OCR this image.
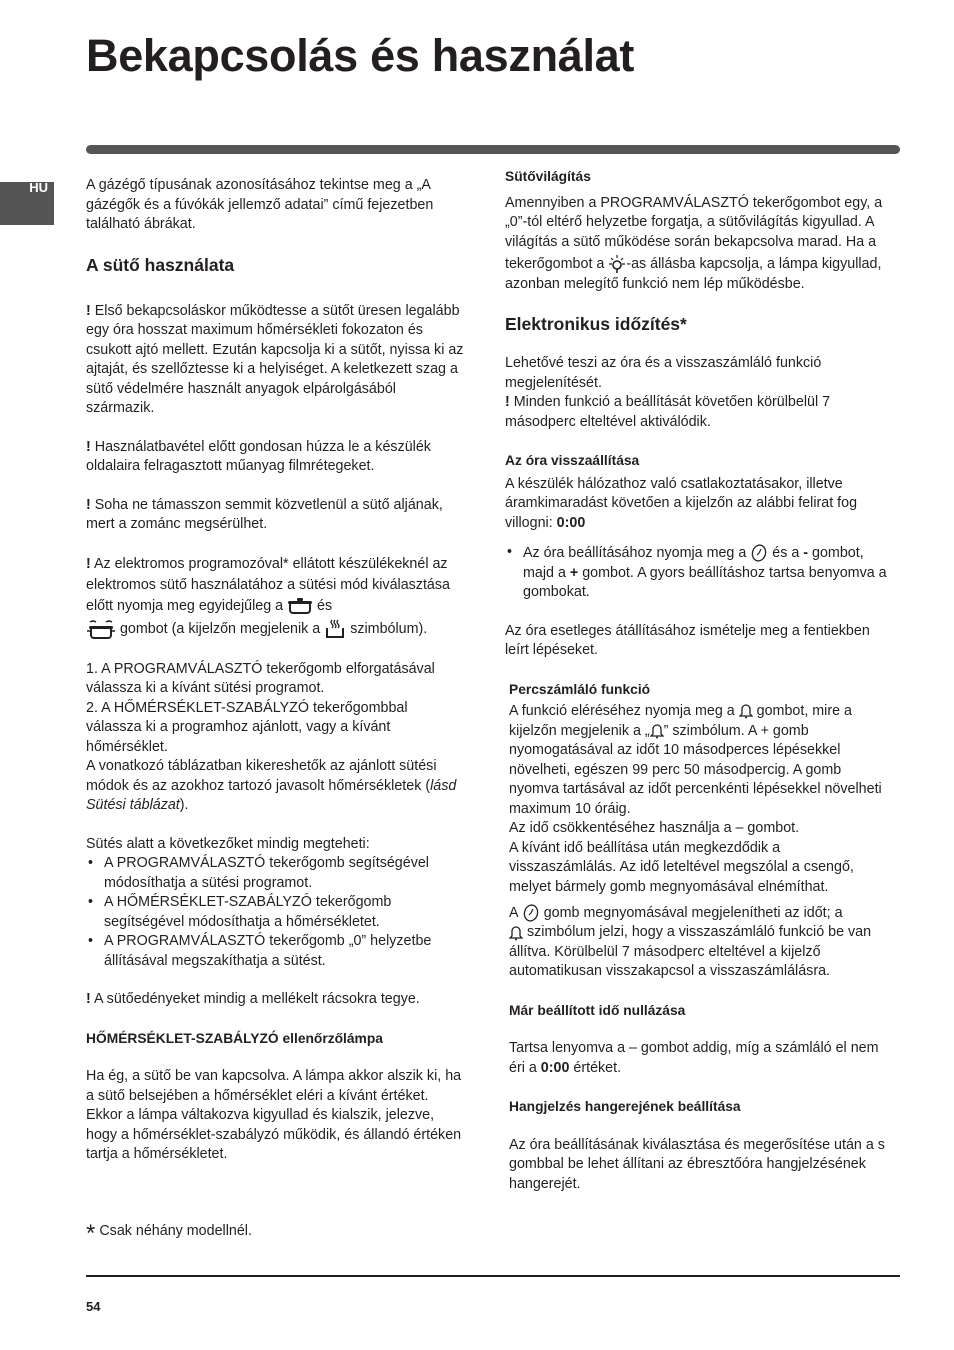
Bekapcsolás és használat
HU	A gázégő típusának azonosításához tekintse meg a „A gázégők és a fúvókák jellemző adatai” című fejezetben található ábrákat.

A sütő használata

! Első bekapcsoláskor működtesse a sütőt üresen legalább egy óra hosszat maximum hőmérsékleti fokozaton és csukott ajtó mellett. Ezután kapcsolja ki a sütőt, nyissa ki az ajtaját, és szellőztesse ki a helyiséget. A keletkezett szag a sütő védelmére használt anyagok elpárolgásából származik.

! Használatbavétel előtt gondosan húzza le a készülék oldalaira felragasztott műanyag filmrétegeket.

! Soha ne támasszon semmit közvetlenül a sütő aljának, mert a zománc megsérülhet.

! Az elektromos programozóval* ellátott készülékeknél az elektromos sütő használatához a sütési mód kiválasztása előtt nyomja meg egyidejűleg a  és
gombot (a kijelzőn megjelenik a  szimbólum).

1. A PROGRAMVÁLASZTÓ tekerőgomb elforgatásával válassza ki a kívánt sütési programot.

2. A HŐMÉRSÉKLET-SZABÁLYZÓ tekerőgombbal válassza ki a programhoz ajánlott, vagy a kívánt hőmérséklet.

A vonatkozó táblázatban kikereshetők az ajánlott sütési módok és az azokhoz tartozó javasolt hőmérsékletek (lásd Sütési táblázat).

Sütés alatt a következőket mindig megteheti:

• A PROGRAMVÁLASZTÓ tekerőgomb segítségével módosíthatja a sütési programot.
• A HŐMÉRSÉKLET-SZABÁLYZÓ tekerőgomb segítségével módosíthatja a hőmérsékletet.
• A PROGRAMVÁLASZTÓ tekerőgomb „0” helyzetbe állításával megszakíthatja a sütést.

! A sütőedényeket mindig a mellékelt rácsokra tegye.

HŐMÉRSÉKLET-SZABÁLYZÓ ellenőrzőlámpa

Ha ég, a sütő be van kapcsolva. A lámpa akkor alszik ki, ha a sütő belsejében a hőmérséklet eléri a kívánt értéket. Ekkor a lámpa váltakozva kigyullad és kialszik, jelezve, hogy a hőmérséklet-szabályzó működik, és állandó értéken tartja a hőmérsékletet.

Sütővilágítás

Amennyiben a PROGRAMVÁLASZTÓ tekerőgombot egy, a „0”-tól eltérő helyzetbe forgatja, a sütővilágítás kigyullad. A világítás a sütő működése során bekapcsolva marad. Ha a tekerőgombot a -as állásba kapcsolja, a lámpa kigyullad, azonban melegítő funkció nem lép működésbe.

Elektronikus időzítés*

Lehetővé teszi az óra és a visszaszámláló funkció megjelenítését.

! Minden funkció a beállítását követően körülbelül 7 másodperc elteltével aktiválódik.

Az óra visszaállítása

A készülék hálózathoz való csatlakoztatásakor, illetve áramkimaradást követően a kijelzőn az alábbi felirat fog villogni: 0:00

• Az óra beállításához nyomja meg a  és a - gombot, majd a + gombot. A gyors beállításhoz tartsa benyomva a gombokat.

Az óra esetleges átállításához ismételje meg a fentiekben leírt lépéseket.

Percszámláló funkció

A funkció eléréséhez nyomja meg a  gombot, mire a kijelzőn megjelenik a „ ” szimbólum. A + gomb nyomogatásával az időt 10 másodperces lépésekkel növelheti, egészen 99 perc 50 másodpercig. A gomb nyomva tartásával az időt percenkénti lépésekkel növelheti maximum 10 óráig.

Az idő csökkentéséhez használja a – gombot.

A kívánt idő beállítása után megkezdődik a visszaszámlálás. Az idő leteltével megszólal a csengő, melyet bármely gomb megnyomásával elnémíthat.

A  gomb megnyomásával megjelenítheti az időt; a
szimbólum jelzi, hogy a visszaszámláló funkció be van állítva. Körülbelül 7 másodperc elteltével a kijelző automatikusan visszakapcsol a visszaszámlálásra.

Már beállított idő nullázása

Tartsa lenyomva a – gombot addig, míg a számláló el nem éri a 0:00 értéket.

Hangjelzés hangerejének beállítása

Az óra beállításának kiválasztása és megerősítése után a s gombbal be lehet állítani az ébresztőóra hangjelzésének hangerejét.

* Csak néhány modellnél.
54
